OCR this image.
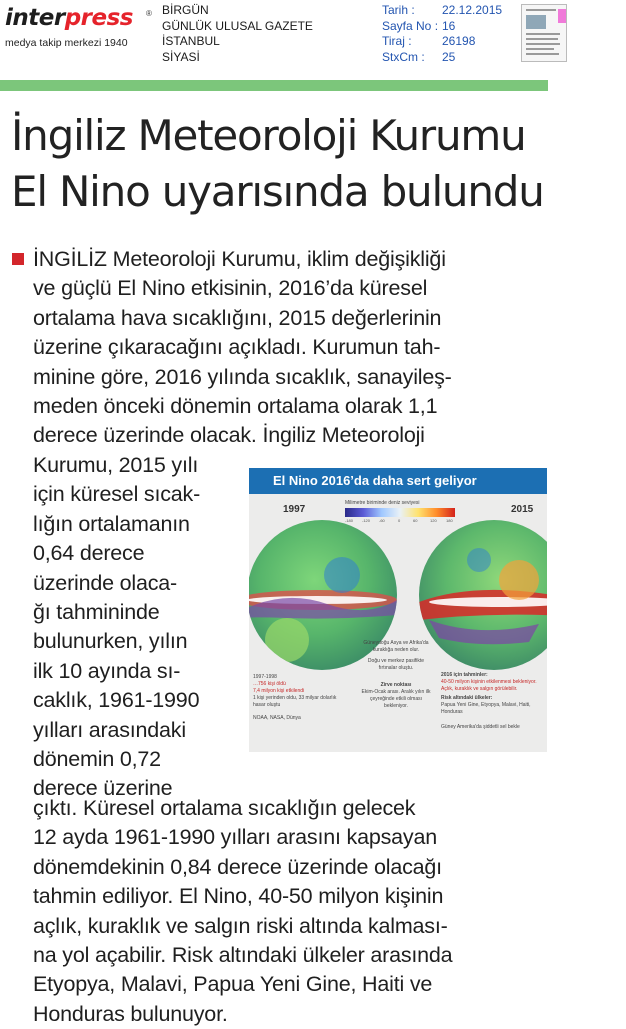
interpress ®
medya takip merkezi 1940
BİRGÜN
GÜNLÜK ULUSAL GAZETE
İSTANBUL
SİYASİ
Tarih :	22.12.2015
Sayfa No : 16
Tiraj :	26198
StxCm :	25
İngiliz Meteoroloji Kurumu
El Nino uyarısında bulundu
İNGİLİZ Meteoroloji Kurumu, iklim değişikliği
ve güçlü El Nino etkisinin, 2016’da küresel
ortalama hava sıcaklığını, 2015 değerlerinin
üzerine çıkaracağını açıkladı. Kurumun tah-
minine göre, 2016 yılında sıcaklık, sanayileş-
meden önceki dönemin ortalama olarak 1,1
derece üzerinde olacak. İngiliz Meteoroloji
Kurumu, 2015 yılı
için küresel sıcak-
lığın ortalamanın
0,64 derece
üzerinde olaca-
ğı tahmininde
bulunurken, yılın
ilk 10 ayında sı-
caklık, 1961-1990
yılları arasındaki
dönemin 0,72
derece üzerine
çıktı. Küresel ortalama sıcaklığın gelecek
12 ayda 1961-1990 yılları arasını kapsayan
dönemdekinin 0,84 derece üzerinde olacağı
tahmin ediliyor. El Nino, 40-50 milyon kişinin
açlık, kuraklık ve salgın riski altında kalması-
na yol açabilir. Risk altındaki ülkeler arasında
Etyopya, Malavi, Papua Yeni Gine, Haiti ve
Honduras bulunuyor.
El Nino 2016’da daha sert geliyor
1997	2015
Milimetre biriminde deniz seviyesi
-180 -120 -60	0	60	120 180
1997-1998
…756 kişi öldü
7,4 milyon kişi etkilendi
1 kişi yerinden oldu, 33 milyar dolarlık hasar oluştu
NOAA, NASA, Dünya
Güneydoğu Asya ve Afrika'da kuraklığa neden olur.
Doğu ve merkez pasifikte fırtınalar oluştu.
Zirve noktası
Ekim-Ocak arası. Aralık yılın ilk çeyreğinde etkili olması bekleniyor.
2016 için tahminler:
40-50 milyon kişinin etkilenmesi bekleniyor. Açlık, kuraklık ve salgın görülebilir.
Risk altındaki ülkeler:
Papua Yeni Gine, Etyopya, Malavi, Haiti, Honduras
Güney Amerika'da şiddetli sel bekle
